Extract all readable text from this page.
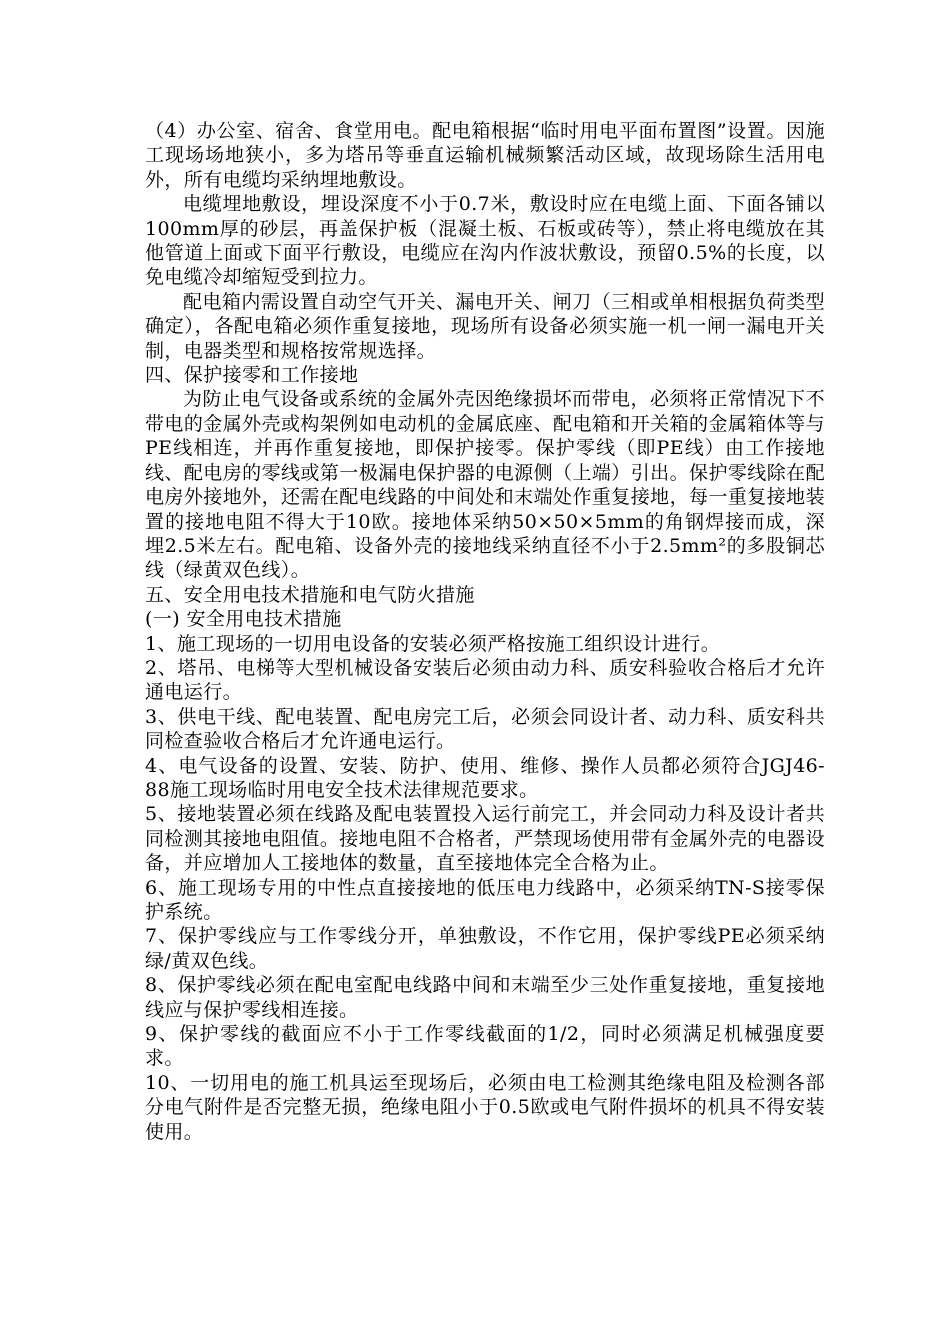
（4）办公室、宿舍、食堂用电。配电箱根据“临时用电平面布置图”设置。因施工现场场地狭小，多为塔吊等垂直运输机械频繁活动区域，故现场除生活用电外，所有电缆均采纳埋地敷设。

电缆埋地敷设，埋设深度不小于0.7米，敷设时应在电缆上面、下面各铺以100mm厚的砂层，再盖保护板（混凝土板、石板或砖等），禁止将电缆放在其他管道上面或下面平行敷设，电缆应在沟内作波状敷设，预留0.5%的长度，以免电缆冷却缩短受到拉力。

配电箱内需设置自动空气开关、漏电开关、闸刀（三相或单相根据负荷类型确定），各配电箱必须作重复接地，现场所有设备必须实施一机一闸一漏电开关制，电器类型和规格按常规选择。

四、保护接零和工作接地

为防止电气设备或系统的金属外壳因绝缘损坏而带电，必须将正常情况下不带电的金属外壳或构架例如电动机的金属底座、配电箱和开关箱的金属箱体等与PE线相连，并再作重复接地，即保护接零。保护零线（即PE线）由工作接地线、配电房的零线或第一极漏电保护器的电源侧（上端）引出。保护零线除在配电房外接地外，还需在配电线路的中间处和末端处作重复接地，每一重复接地装置的接地电阻不得大于10欧。接地体采纳50×50×5mm的角钢焊接而成，深埋2.5米左右。配电箱、设备外壳的接地线采纳直径不小于2.5mm²的多股铜芯线（绿黄双色线）。

五、安全用电技术措施和电气防火措施

(一) 安全用电技术措施

1、施工现场的一切用电设备的安装必须严格按施工组织设计进行。

2、塔吊、电梯等大型机械设备安装后必须由动力科、质安科验收合格后才允许通电运行。

3、供电干线、配电装置、配电房完工后，必须会同设计者、动力科、质安科共同检查验收合格后才允许通电运行。

4、电气设备的设置、安装、防护、使用、维修、操作人员都必须符合JGJ46-88施工现场临时用电安全技术法律规范要求。

5、接地装置必须在线路及配电装置投入运行前完工，并会同动力科及设计者共同检测其接地电阻值。接地电阻不合格者，严禁现场使用带有金属外壳的电器设备，并应增加人工接地体的数量，直至接地体完全合格为止。

6、施工现场专用的中性点直接接地的低压电力线路中，必须采纳TN-S接零保护系统。

7、保护零线应与工作零线分开，单独敷设，不作它用，保护零线PE必须采纳绿/黄双色线。

8、保护零线必须在配电室配电线路中间和末端至少三处作重复接地，重复接地线应与保护零线相连接。

9、保护零线的截面应不小于工作零线截面的1/2，同时必须满足机械强度要求。

10、一切用电的施工机具运至现场后，必须由电工检测其绝缘电阻及检测各部分电气附件是否完整无损，绝缘电阻小于0.5欧或电气附件损坏的机具不得安装使用。
